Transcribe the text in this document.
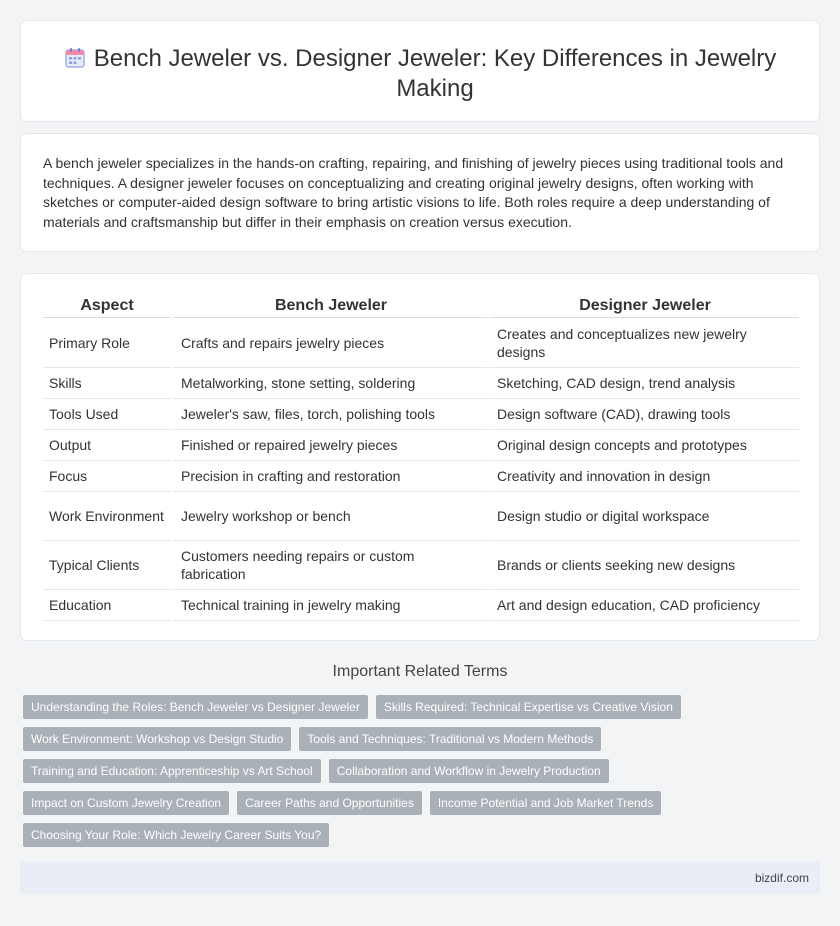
Bench Jeweler vs. Designer Jeweler: Key Differences in Jewelry Making

A bench jeweler specializes in the hands-on crafting, repairing, and finishing of jewelry pieces using traditional tools and techniques. A designer jeweler focuses on conceptualizing and creating original jewelry designs, often working with sketches or computer-aided design software to bring artistic visions to life. Both roles require a deep understanding of materials and craftsmanship but differ in their emphasis on creation versus execution.

Aspect	Bench Jeweler	Designer Jeweler
Primary Role	Crafts and repairs jewelry pieces	Creates and conceptualizes new jewelry designs
Skills	Metalworking, stone setting, soldering	Sketching, CAD design, trend analysis
Tools Used	Jeweler's saw, files, torch, polishing tools	Design software (CAD), drawing tools
Output	Finished or repaired jewelry pieces	Original design concepts and prototypes
Focus	Precision in crafting and restoration	Creativity and innovation in design
Work Environment	Jewelry workshop or bench	Design studio or digital workspace
Typical Clients	Customers needing repairs or custom fabrication	Brands or clients seeking new designs
Education	Technical training in jewelry making	Art and design education, CAD proficiency
Important Related Terms
Understanding the Roles: Bench Jeweler vs Designer Jeweler	Skills Required: Technical Expertise vs Creative Vision
Work Environment: Workshop vs Design Studio	Tools and Techniques: Traditional vs Modern Methods
Training and Education: Apprenticeship vs Art School	Collaboration and Workflow in Jewelry Production
Impact on Custom Jewelry Creation	Career Paths and Opportunities	Income Potential and Job Market Trends
Choosing Your Role: Which Jewelry Career Suits You?
bizdif.com
